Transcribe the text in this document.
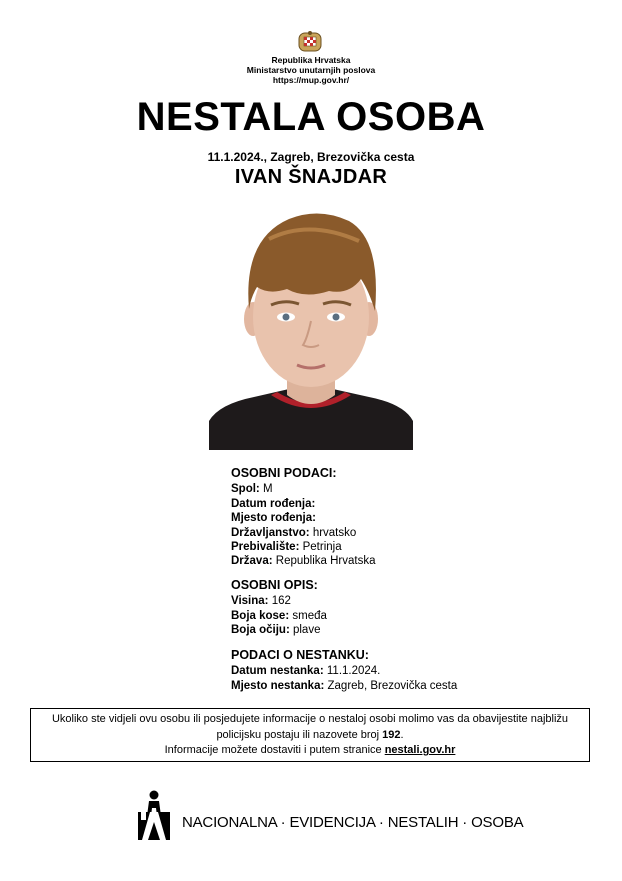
Republika Hrvatska
Ministarstvo unutarnjih poslova
https://mup.gov.hr/
NESTALA OSOBA
11.1.2024., Zagreb, Brezovička cesta
IVAN ŠNAJDAR
OSOBNI PODACI:
Spol: M
Datum rođenja:
Mjesto rođenja:
Državljanstvo: hrvatsko
Prebivalište: Petrinja
Država: Republika Hrvatska
OSOBNI OPIS:
Visina: 162
Boja kose: smeđa
Boja očiju: plave
PODACI O NESTANKU:
Datum nestanka: 11.1.2024.
Mjesto nestanka: Zagreb, Brezovička cesta
Ukoliko ste vidjeli ovu osobu ili posjedujete informacije o nestaloj osobi molimo vas da obavijestite najbližu
policijsku postaju ili nazovete broj 192.
Informacije možete dostaviti i putem stranice nestali.gov.hr
NACIONALNA · EVIDENCIJA · NESTALIH · OSOBA
